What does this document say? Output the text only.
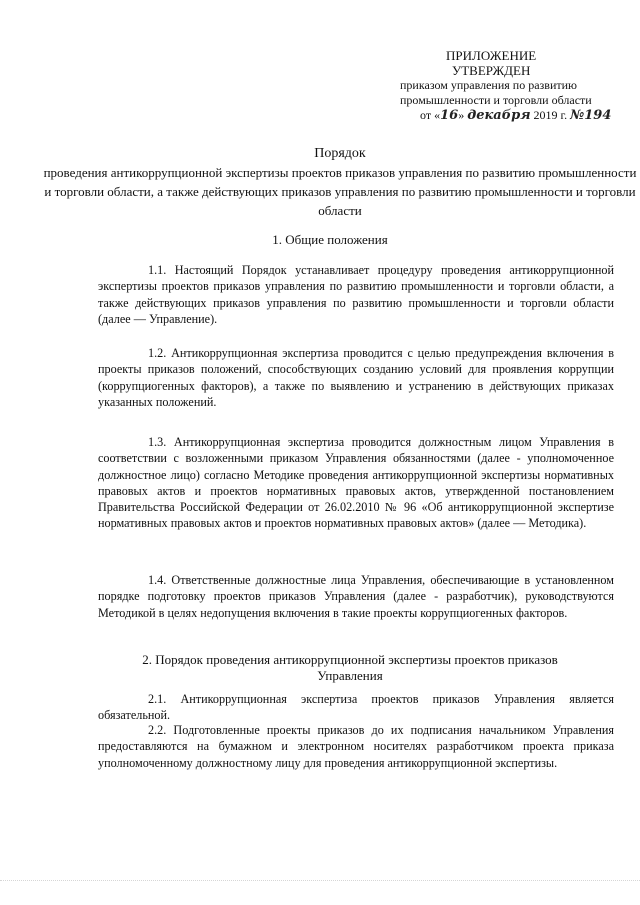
ПРИЛОЖЕНИЕ
УТВЕРЖДЕН
приказом управления по развитию
промышленности и торговли области
от «16» декабря 2019 г. №194
Порядок
проведения антикоррупционной экспертизы проектов приказов управления по развитию промышленности и торговли области, а также действующих приказов управления по развитию промышленности и торговли области
1. Общие положения
1.1. Настоящий Порядок устанавливает процедуру проведения антикоррупционной экспертизы проектов приказов управления по развитию промышленности и торговли области, а также действующих приказов управления по развитию промышленности и торговли области (далее — Управление).
1.2. Антикоррупционная экспертиза проводится с целью предупреждения включения в проекты приказов положений, способствующих созданию условий для проявления коррупции (коррупциогенных факторов), а также по выявлению и устранению в действующих приказах указанных положений.
1.3. Антикоррупционная экспертиза проводится должностным лицом Управления в соответствии с возложенными приказом Управления обязанностями (далее - уполномоченное должностное лицо) согласно Методике проведения антикоррупционной экспертизы нормативных правовых актов и проектов нормативных правовых актов, утвержденной постановлением Правительства Российской Федерации от 26.02.2010 № 96 «Об антикоррупционной экспертизе нормативных правовых актов и проектов нормативных правовых актов» (далее — Методика).
1.4. Ответственные должностные лица Управления, обеспечивающие в установленном порядке подготовку проектов приказов Управления (далее - разработчик), руководствуются Методикой в целях недопущения включения в такие проекты коррупциогенных факторов.
2. Порядок проведения антикоррупционной экспертизы проектов приказов Управления
2.1. Антикоррупционная экспертиза проектов приказов Управления является обязательной.
2.2. Подготовленные проекты приказов до их подписания начальником Управления предоставляются на бумажном и электронном носителях разработчиком проекта приказа уполномоченному должностному лицу для проведения антикоррупционной экспертизы.
